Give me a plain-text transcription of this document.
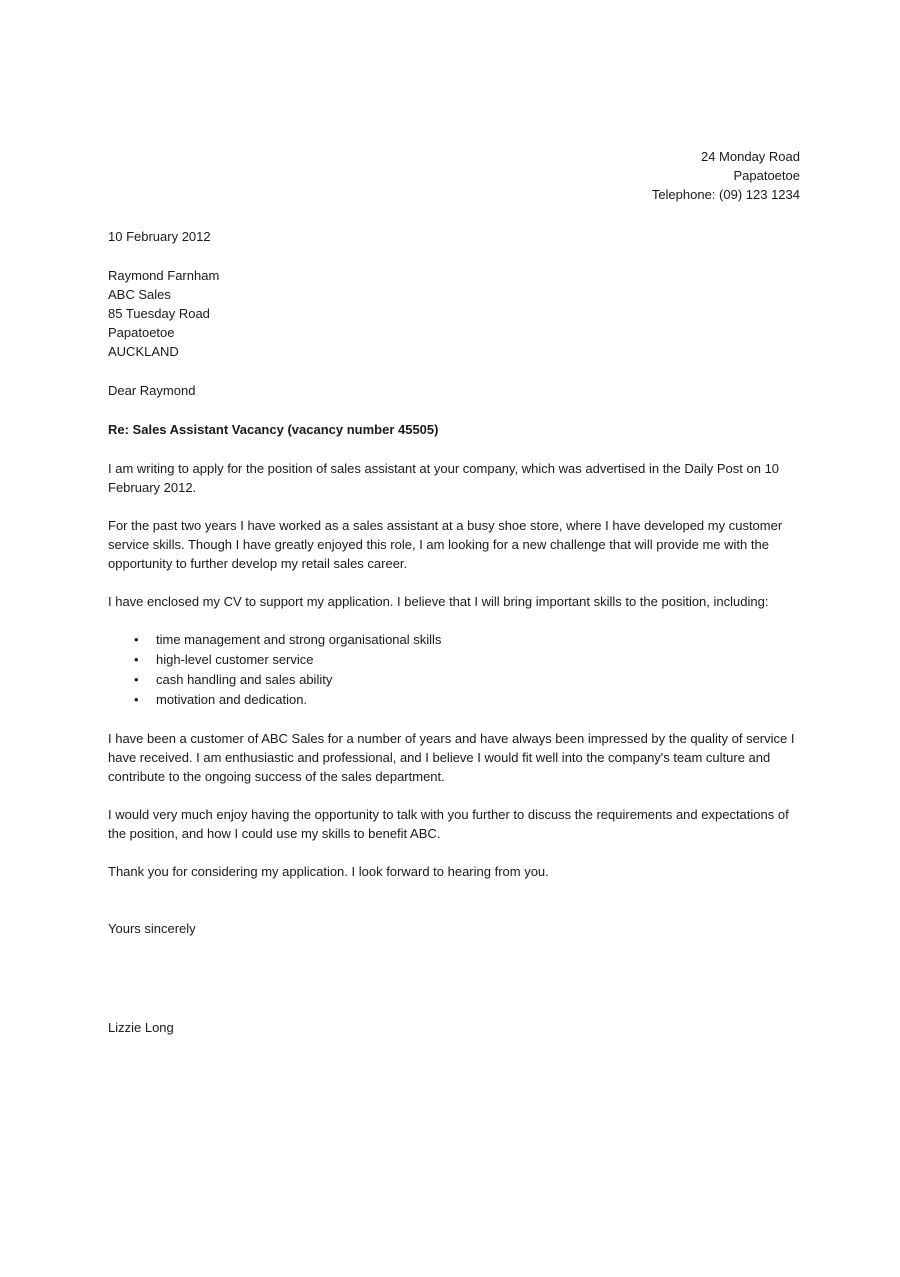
24 Monday Road
Papatoetoe
Telephone: (09) 123 1234

10 February 2012

Raymond Farnham
ABC Sales
85 Tuesday Road
Papatoetoe
AUCKLAND

Dear Raymond

Re: Sales Assistant Vacancy (vacancy number 45505)

I am writing to apply for the position of sales assistant at your company, which was advertised in the Daily Post on 10 February 2012.

For the past two years I have worked as a sales assistant at a busy shoe store, where I have developed my customer service skills. Though I have greatly enjoyed this role, I am looking for a new challenge that will provide me with the opportunity to further develop my retail sales career.

I have enclosed my CV to support my application. I believe that I will bring important skills to the position, including:

• time management and strong organisational skills
• high-level customer service
• cash handling and sales ability
• motivation and dedication.

I have been a customer of ABC Sales for a number of years and have always been impressed by the quality of service I have received. I am enthusiastic and professional, and I believe I would fit well into the company's team culture and contribute to the ongoing success of the sales department.

I would very much enjoy having the opportunity to talk with you further to discuss the requirements and expectations of the position, and how I could use my skills to benefit ABC.

Thank you for considering my application. I look forward to hearing from you.

Yours sincerely

Lizzie Long
